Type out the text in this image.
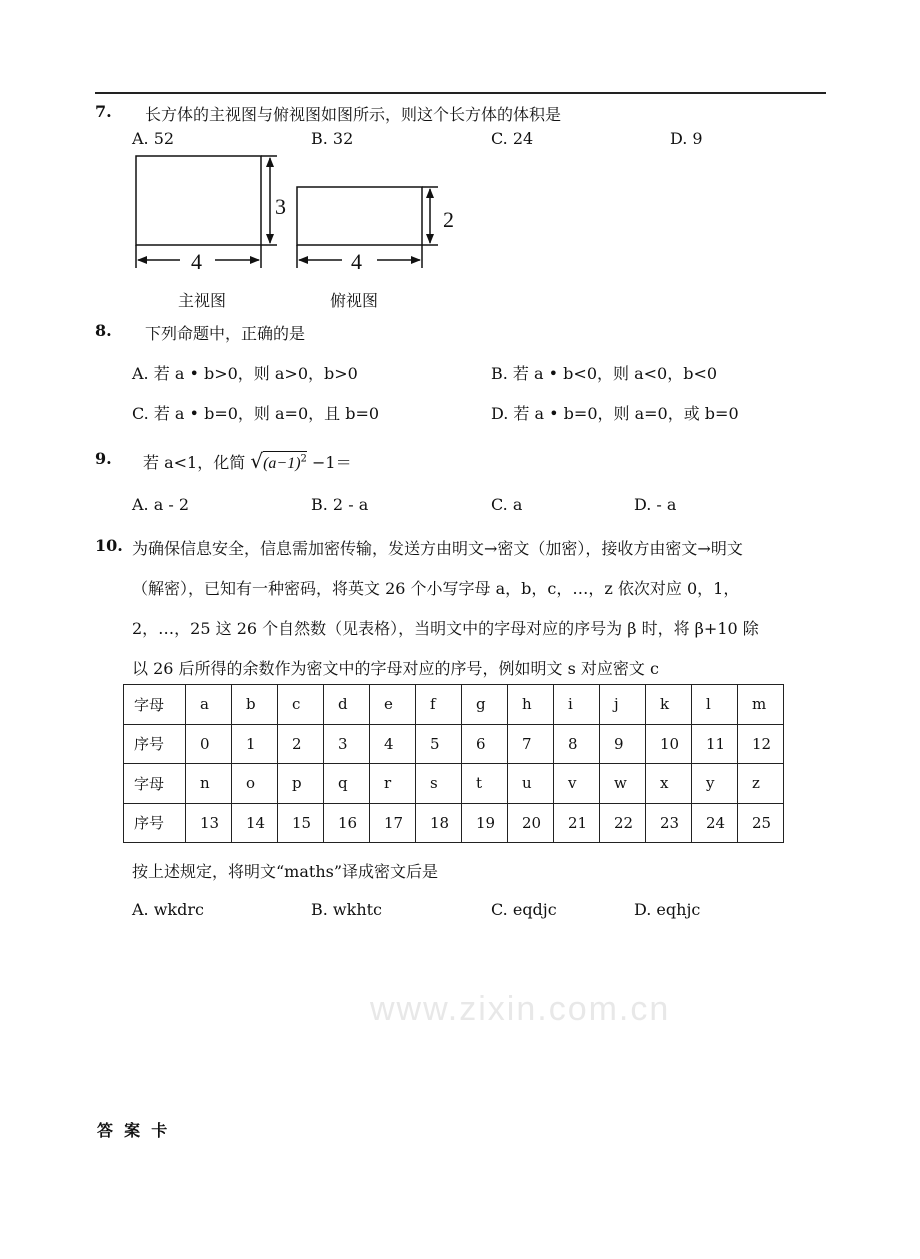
www.zixin.com.cn
7. 长方体的主视图与俯视图如图所示，则这个长方体的体积是
A. 52	B. 32	C. 24	D. 9
3
4
2
4
主视图	俯视图
8. 下列命题中，正确的是
A. 若 a • b>0，则 a>0，b>0	B. 若 a • b<0，则 a<0，b<0
C. 若 a • b=0，则 a=0，且 b=0	D. 若 a • b=0，则 a=0，或 b=0
9. 若 a<1，化简 $√(a-1)^2 -1=$
A. a - 2	B. 2 - a	C. a	D. - a
10. 为确保信息安全，信息需加密传输，发送方由明文→密文（加密），接收方由密文→明文
（解密），已知有一种密码，将英文 26 个小写字母 a，b，c，…，z 依次对应 0，1，
2，…，25 这 26 个自然数（见表格），当明文中的字母对应的序号为 β 时，将 β+10 除
以 26 后所得的余数作为密文中的字母对应的序号，例如明文 s 对应密文 c
字母	a	b	c	d	e	f	g	h	i	j	k	l	m
序号	0	1	2	3	4	5	6	7	8	9	10	11	12
字母	n	o	p	q	r	s	t	u	v	w	x	y	z
序号	13	14	15	16	17	18	19	20	21	22	23	24	25
按上述规定，将明文“maths”译成密文后是
A. wkdrc	B. wkhtc	C. eqdjc	D. eqhjc
答  案  卡
